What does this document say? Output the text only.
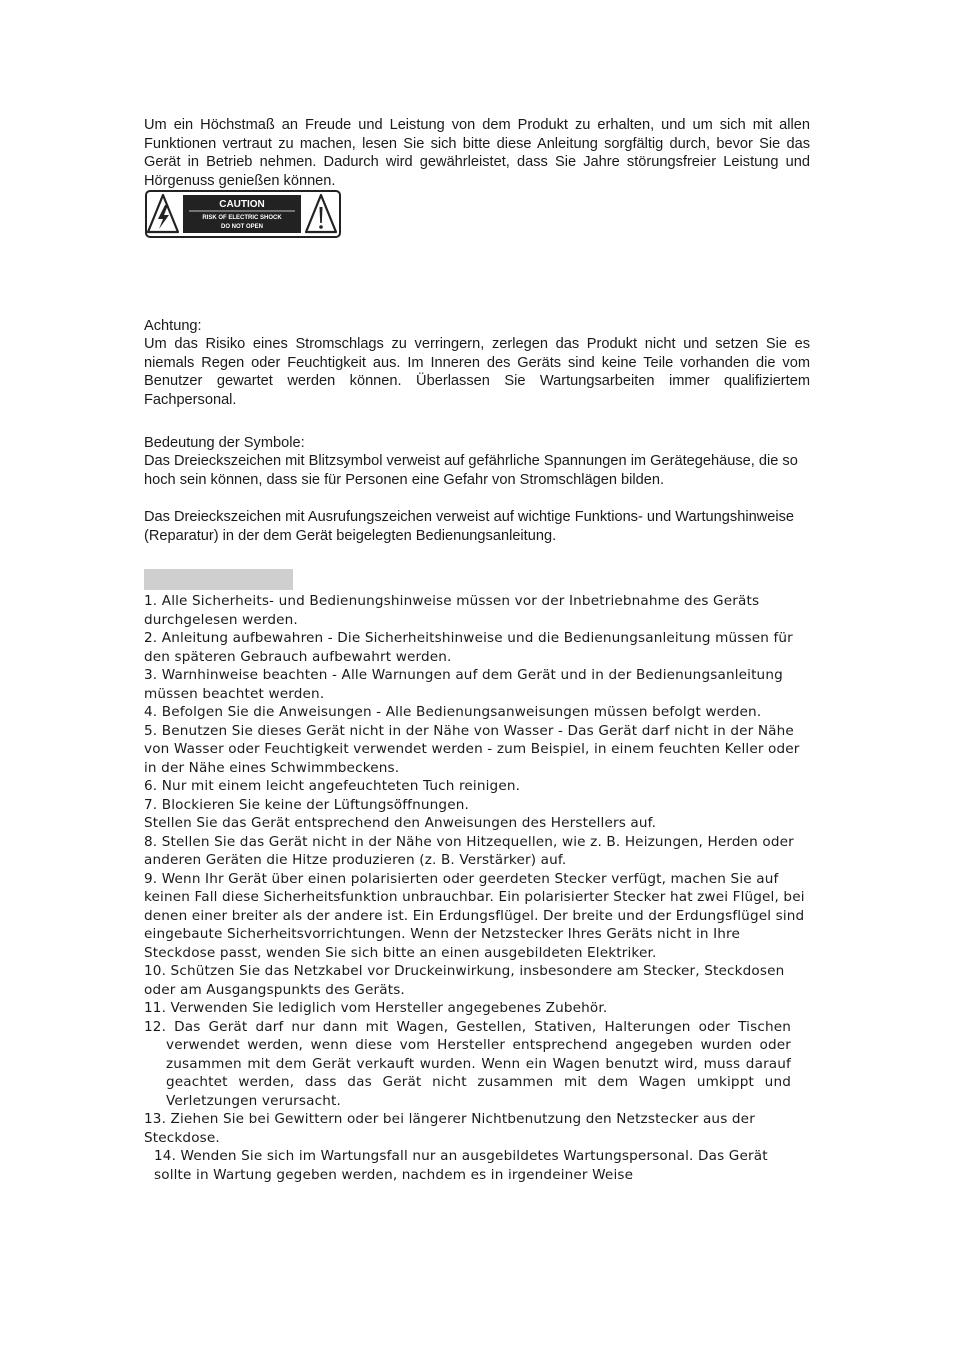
Um ein Höchstmaß an Freude und Leistung von dem Produkt zu erhalten, und um sich mit allen Funktionen vertraut zu machen, lesen Sie sich bitte diese Anleitung sorgfältig durch, bevor Sie das Gerät in Betrieb nehmen. Dadurch wird gewährleistet, dass Sie Jahre störungsfreier Leistung und Hörgenuss genießen können.

CAUTION
RISK OF ELECTRIC SHOCK
DO NOT OPEN

Achtung:

Um das Risiko eines Stromschlags zu verringern, zerlegen das Produkt nicht und setzen Sie es niemals Regen oder Feuchtigkeit aus. Im Inneren des Geräts sind keine Teile vorhanden die vom Benutzer gewartet werden können. Überlassen Sie Wartungsarbeiten immer qualifiziertem Fachpersonal.

Bedeutung der Symbole:

Das Dreieckszeichen mit Blitzsymbol verweist auf gefährliche Spannungen im Gerätegehäuse, die so hoch sein können, dass sie für Personen eine Gefahr von Stromschlägen bilden.

Das Dreieckszeichen mit Ausrufungszeichen verweist auf wichtige Funktions- und Wartungshinweise (Reparatur) in der dem Gerät beigelegten Bedienungsanleitung.

1. Alle Sicherheits- und Bedienungshinweise müssen vor der Inbetriebnahme des Geräts durchgelesen werden.
2. Anleitung aufbewahren - Die Sicherheitshinweise und die Bedienungsanleitung müssen für den späteren Gebrauch aufbewahrt werden.
3. Warnhinweise beachten - Alle Warnungen auf dem Gerät und in der Bedienungsanleitung müssen beachtet werden.
4. Befolgen Sie die Anweisungen - Alle Bedienungsanweisungen müssen befolgt werden.
5. Benutzen Sie dieses Gerät nicht in der Nähe von Wasser - Das Gerät darf nicht in der Nähe von Wasser oder Feuchtigkeit verwendet werden - zum Beispiel, in einem feuchten Keller oder in der Nähe eines Schwimmbeckens.
6. Nur mit einem leicht angefeuchteten Tuch reinigen.
7. Blockieren Sie keine der Lüftungsöffnungen.
Stellen Sie das Gerät entsprechend den Anweisungen des Herstellers auf.
8. Stellen Sie das Gerät nicht in der Nähe von Hitzequellen, wie z. B. Heizungen, Herden oder anderen Geräten die Hitze produzieren (z. B. Verstärker) auf.
9. Wenn Ihr Gerät über einen polarisierten oder geerdeten Stecker verfügt, machen Sie auf keinen Fall diese Sicherheitsfunktion unbrauchbar. Ein polarisierter Stecker hat zwei Flügel, bei denen einer breiter als der andere ist. Ein Erdungsflügel. Der breite und der Erdungsflügel sind eingebaute Sicherheitsvorrichtungen. Wenn der Netzstecker Ihres Geräts nicht in Ihre Steckdose passt, wenden Sie sich bitte an einen ausgebildeten Elektriker.
10. Schützen Sie das Netzkabel vor Druckeinwirkung, insbesondere am Stecker, Steckdosen oder am Ausgangspunkts des Geräts.
11. Verwenden Sie lediglich vom Hersteller angegebenes Zubehör.
12. Das Gerät darf nur dann mit Wagen, Gestellen, Stativen, Halterungen oder Tischen verwendet werden, wenn diese vom Hersteller entsprechend angegeben wurden oder zusammen mit dem Gerät verkauft wurden. Wenn ein Wagen benutzt wird, muss darauf geachtet werden, dass das Gerät nicht zusammen mit dem Wagen umkippt und Verletzungen verursacht.
13. Ziehen Sie bei Gewittern oder bei längerer Nichtbenutzung den Netzstecker aus der Steckdose.
14. Wenden Sie sich im Wartungsfall nur an ausgebildetes Wartungspersonal. Das Gerät sollte in Wartung gegeben werden, nachdem es in irgendeiner Weise
